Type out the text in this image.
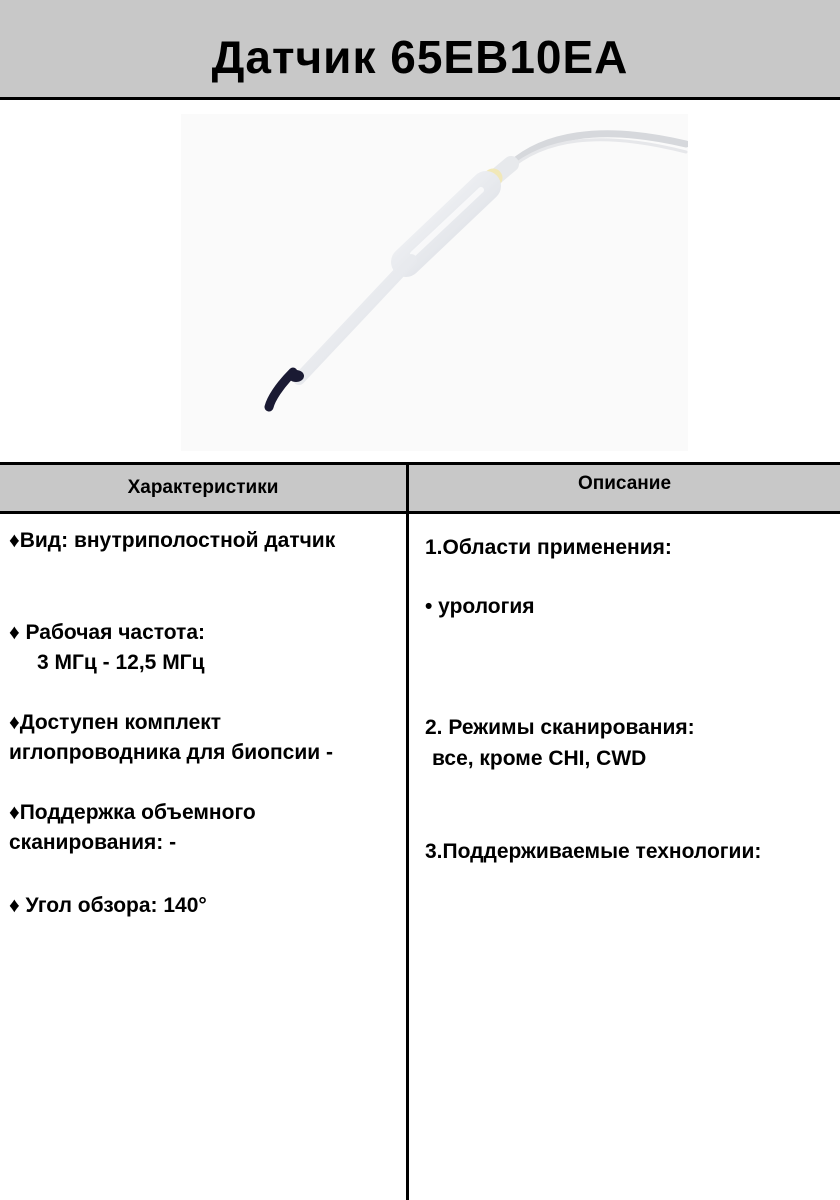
Датчик 65EB10EA
Характеристики	Описание
♦Вид: внутриполостной датчик
♦ Рабочая частота:
3 МГц - 12,5 МГц
♦Доступен комплект
иглопроводника для биопсии -
♦Поддержка объемного
сканирования: -
♦ Угол обзора: 140°
1.Области применения:
• урология
2. Режимы сканирования:
все, кроме CHI, CWD
3.Поддерживаемые технологии:
